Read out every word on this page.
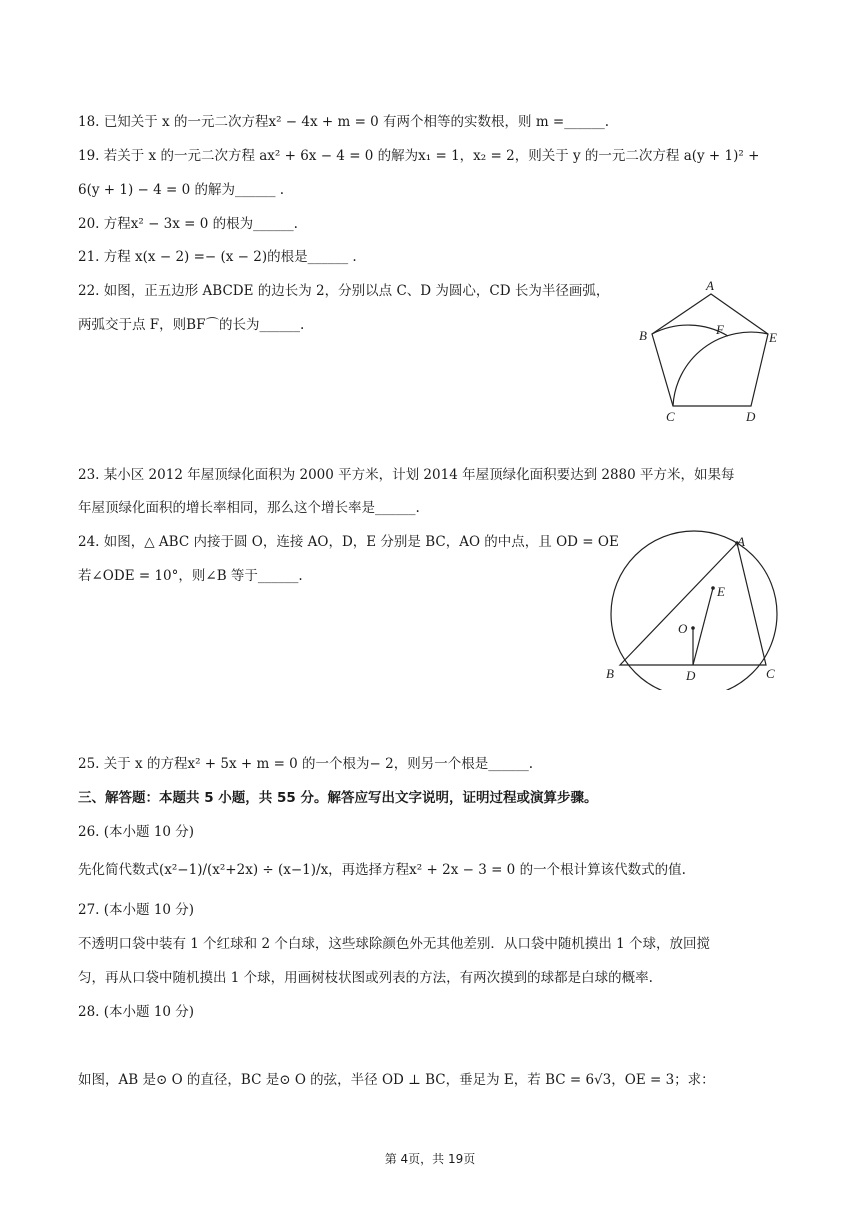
18. 已知关于 x 的一元二次方程x² − 4x + m = 0 有两个相等的实数根，则 m =______.
19. 若关于 x 的一元二次方程 ax² + 6x − 4 = 0 的解为x₁ = 1，x₂ = 2，则关于 y 的一元二次方程 a(y + 1)² +
6(y + 1) − 4 = 0 的解为______ .
20. 方程x² − 3x = 0 的根为______.
21. 方程 x(x − 2) =− (x − 2)的根是______ .
22. 如图，正五边形 ABCDE 的边长为 2，分别以点 C、D 为圆心，CD 长为半径画弧，
两弧交于点 F，则BF⌒的长为______.
A
B
C	D
E
F
23. 某小区 2012 年屋顶绿化面积为 2000 平方米，计划 2014 年屋顶绿化面积要达到 2880 平方米，如果每
年屋顶绿化面积的增长率相同，那么这个增长率是______.
24. 如图，△ ABC 内接于圆 O，连接 AO，D，E 分别是 BC，AO 的中点，且 OD = OE
若∠ODE = 10°，则∠B 等于______.
A
B	C
D
E
O
25. 关于 x 的方程x² + 5x + m = 0 的一个根为− 2，则另一个根是______.
三、解答题：本题共 5 小题，共 55 分。解答应写出文字说明，证明过程或演算步骤。
26. (本小题 10 分)
先化简代数式(x²−1)/(x²+2x) ÷ (x−1)/x，再选择方程x² + 2x − 3 = 0 的一个根计算该代数式的值.
27. (本小题 10 分)
不透明口袋中装有 1 个红球和 2 个白球，这些球除颜色外无其他差别．从口袋中随机摸出 1 个球，放回搅
匀，再从口袋中随机摸出 1 个球，用画树枝状图或列表的方法，有两次摸到的球都是白球的概率.
28. (本小题 10 分)
如图，AB 是⊙ O 的直径，BC 是⊙ O 的弦，半径 OD ⊥ BC，垂足为 E，若 BC = 6√3，OE = 3；求：
第 4页，共 19页
